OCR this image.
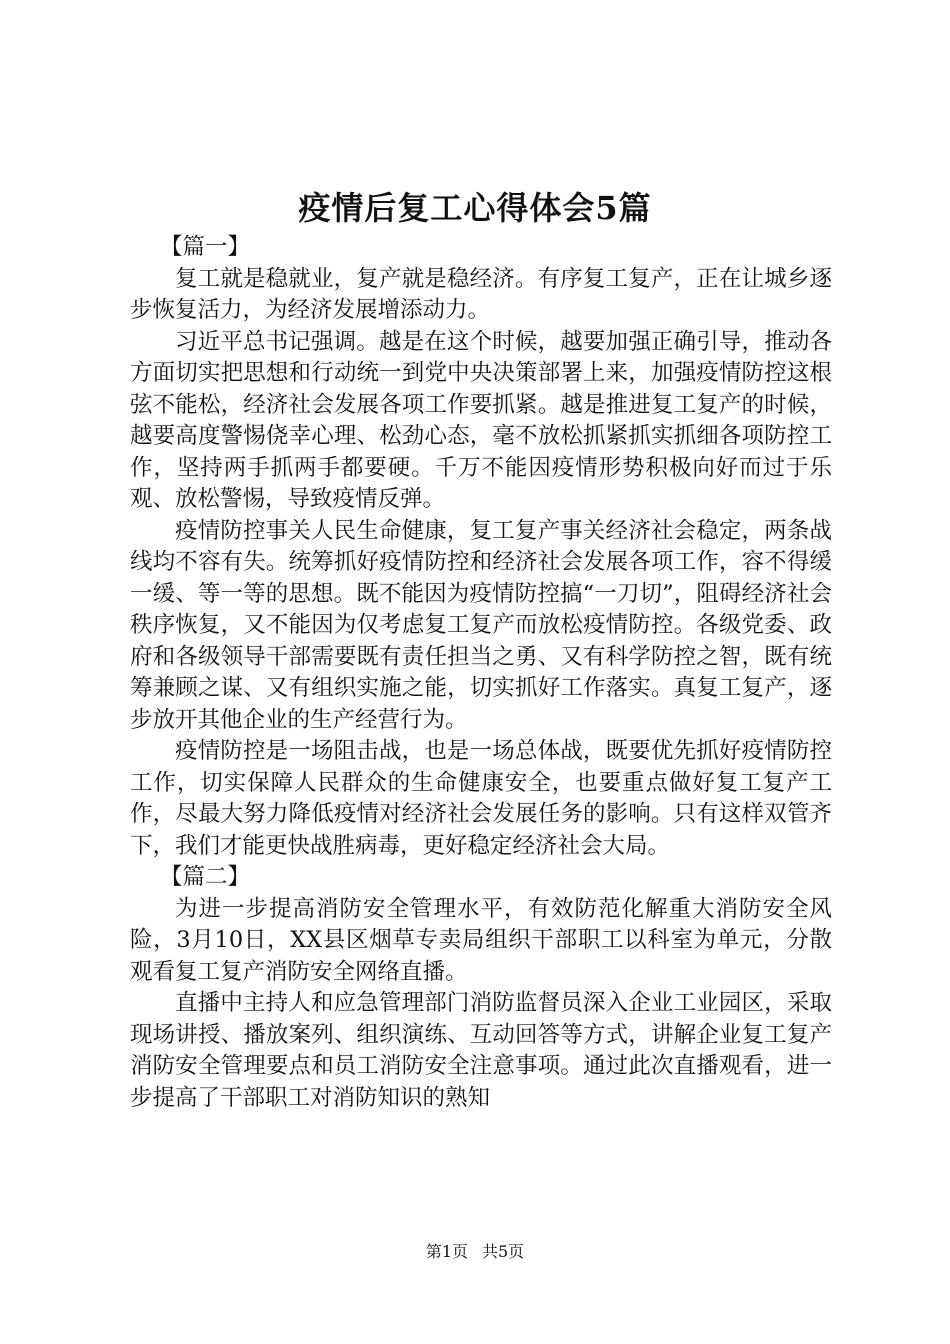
疫情后复工心得体会5篇

【篇一】

复工就是稳就业，复产就是稳经济。有序复工复产，正在让城乡逐步恢复活力，为经济发展增添动力。

习近平总书记强调。越是在这个时候，越要加强正确引导，推动各方面切实把思想和行动统一到党中央决策部署上来，加强疫情防控这根弦不能松，经济社会发展各项工作要抓紧。越是推进复工复产的时候，越要高度警惕侥幸心理、松劲心态，毫不放松抓紧抓实抓细各项防控工作，坚持两手抓两手都要硬。千万不能因疫情形势积极向好而过于乐观、放松警惕，导致疫情反弹。

疫情防控事关人民生命健康，复工复产事关经济社会稳定，两条战线均不容有失。统筹抓好疫情防控和经济社会发展各项工作，容不得缓一缓、等一等的思想。既不能因为疫情防控搞“一刀切”，阻碍经济社会秩序恢复，又不能因为仅考虑复工复产而放松疫情防控。各级党委、政府和各级领导干部需要既有责任担当之勇、又有科学防控之智，既有统筹兼顾之谋、又有组织实施之能，切实抓好工作落实。真复工复产，逐步放开其他企业的生产经营行为。

疫情防控是一场阻击战，也是一场总体战，既要优先抓好疫情防控工作，切实保障人民群众的生命健康安全，也要重点做好复工复产工作，尽最大努力降低疫情对经济社会发展任务的影响。只有这样双管齐下，我们才能更快战胜病毒，更好稳定经济社会大局。

【篇二】

为进一步提高消防安全管理水平，有效防范化解重大消防安全风险，3月10日，XX县区烟草专卖局组织干部职工以科室为单元，分散观看复工复产消防安全网络直播。

直播中主持人和应急管理部门消防监督员深入企业工业园区，采取现场讲授、播放案列、组织演练、互动回答等方式，讲解企业复工复产消防安全管理要点和员工消防安全注意事项。通过此次直播观看，进一步提高了干部职工对消防知识的熟知

第1页 共5页
